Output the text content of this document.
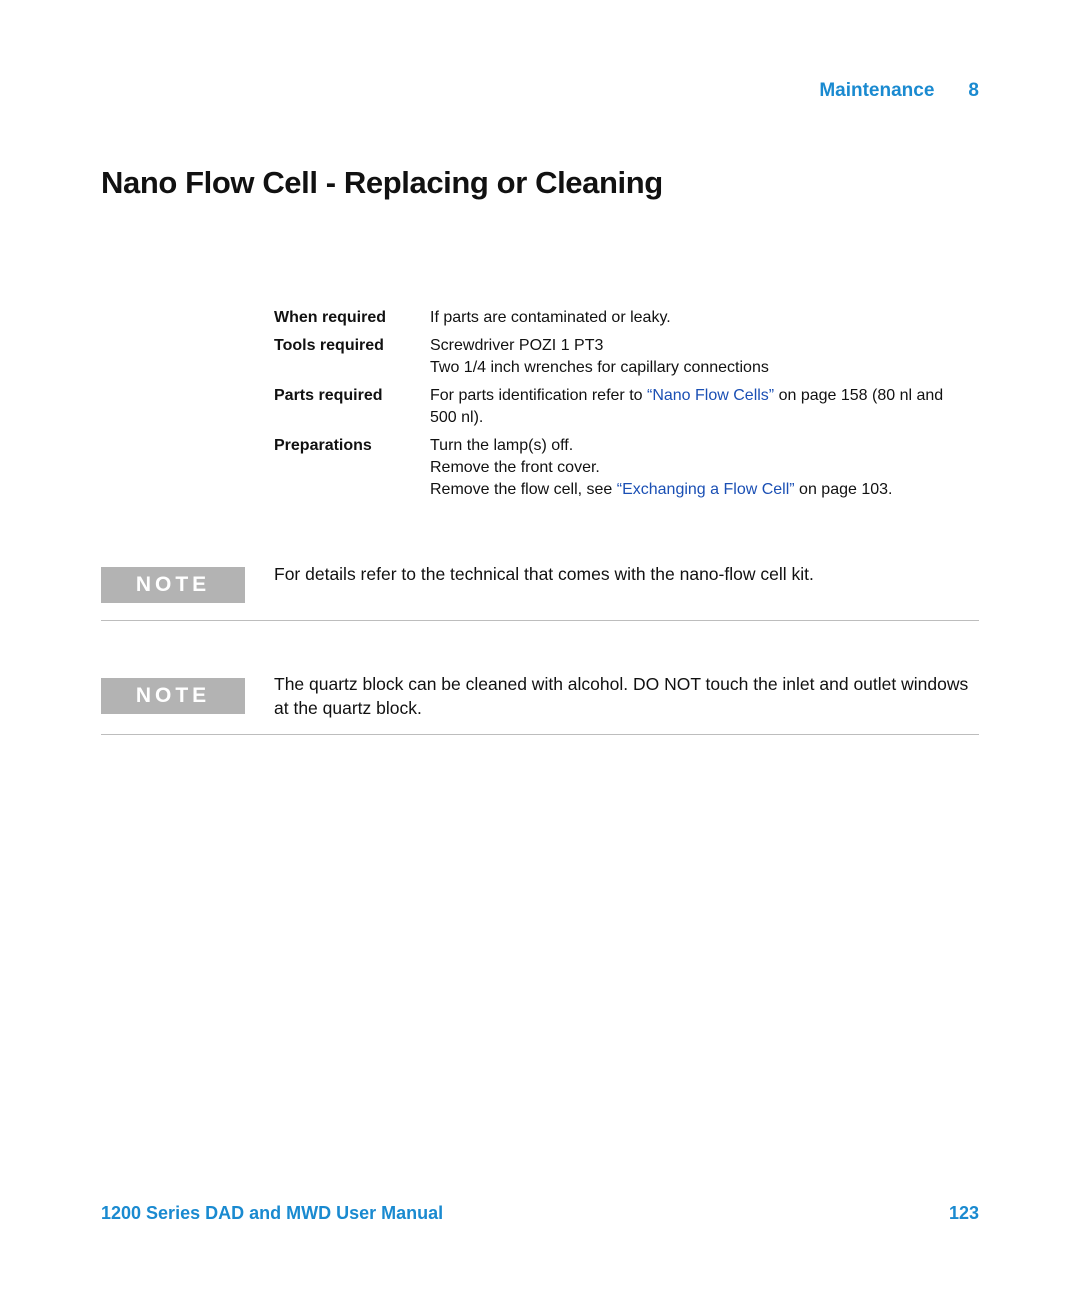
Maintenance 8
Nano Flow Cell - Replacing or Cleaning
When required	If parts are contaminated or leaky.
Tools required	Screwdriver POZI 1 PT3
Two 1/4 inch wrenches for capillary connections
Parts required	For parts identification refer to “Nano Flow Cells” on page 158 (80 nl and 500 nl).
Preparations	Turn the lamp(s) off.
Remove the front cover.
Remove the flow cell, see “Exchanging a Flow Cell” on page 103.
NOTE	For details refer to the technical that comes with the nano-flow cell kit.
NOTE	The quartz block can be cleaned with alcohol. DO NOT touch the inlet and outlet windows at the quartz block.
1200 Series DAD and MWD User Manual	123
